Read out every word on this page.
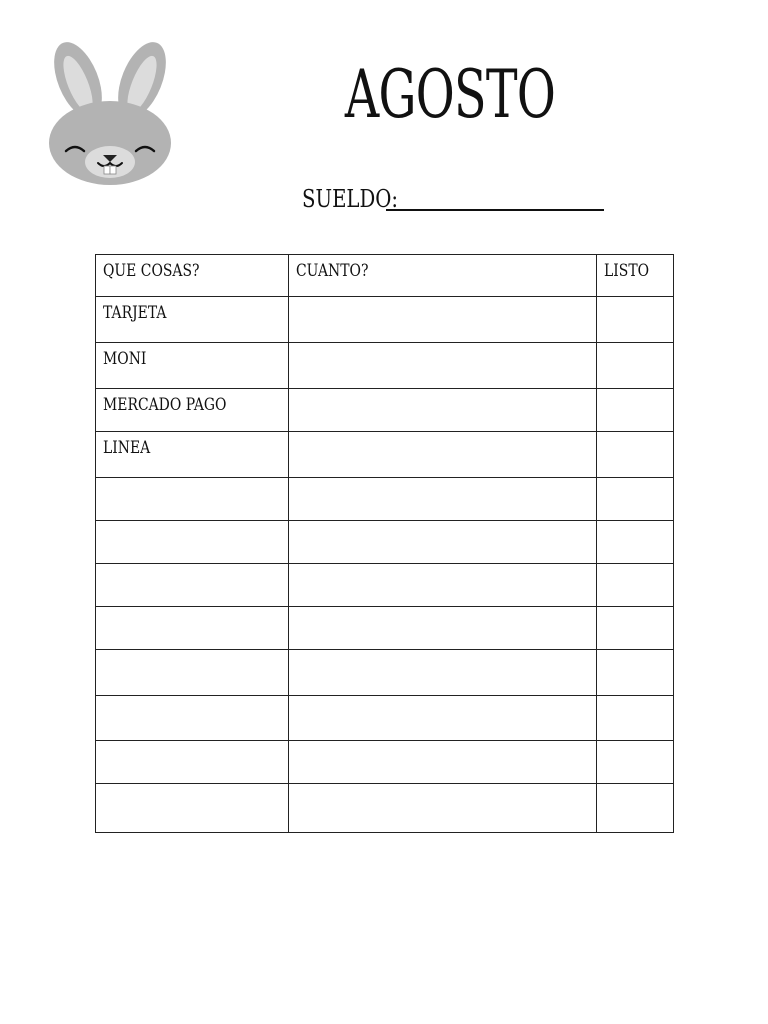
AGOSTO
SUELDO:
QUE COSAS?	CUANTO?	LISTO
TARJETA		
MONI		
MERCADO PAGO		
LINEA		
